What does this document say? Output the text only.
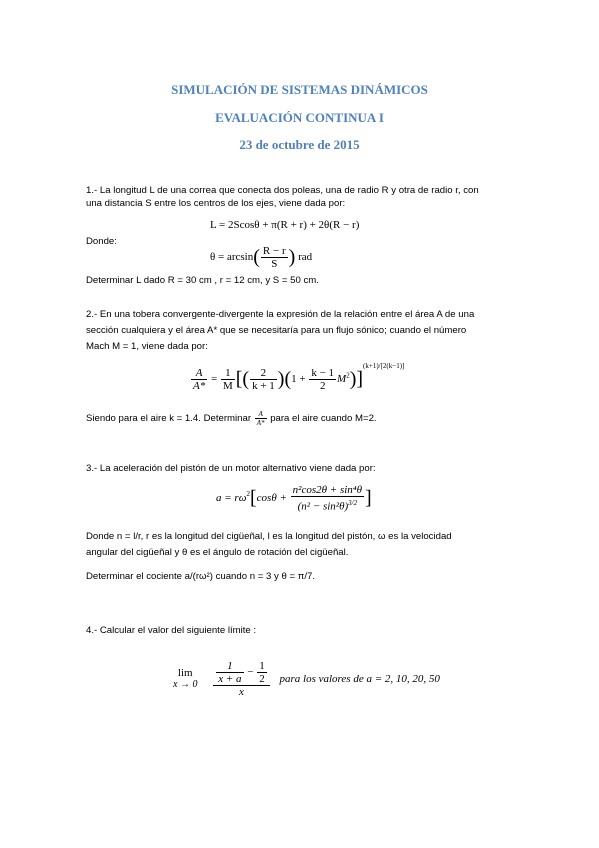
SIMULACIÓN DE SISTEMAS DINÁMICOS
EVALUACIÓN CONTINUA I
23 de octubre de 2015
1.- La longitud L de una correa que conecta dos poleas, una de radio R y otra de radio r, con
una distancia S entre los centros de los ejes, viene dada por:
L = 2Scosθ + π(R + r) + 2θ(R − r)
Donde:
$\theta = \arcsin( \frac{R - r}{S}$ ) rad
Determinar L dado R = 30 cm , r = 12 cm, y S = 50 cm.
2.- En una tobera convergente-divergente la expresión de la relación entre el área A de una
sección cualquiera y el área A* que se necesitaría para un flujo sónico; cuando el número
Mach M = 1, viene dada por:
$\frac{A}{A*} = \frac{1}{M}$ [( $\frac{2}{k + 1} )(1 + \frac{k - 1}{2} M^2)]^{(k+1)/[2(k-1)]}$
Siendo para el aire k = 1.4. Determinar $\frac{A}{A*}$ para el aire cuando M=2.
3.- La aceleración del pistón de un motor alternativo viene dada por:
$a = r\omega^2[\cos\theta + \frac{\text{n²cos2θ + sin⁴θ}}{(n^2 - \sin^2\theta)^{3/2}}$ ]
Donde n = l/r, r es la longitud del cigüeñal, l es la longitud del pistón, ω es la velocidad
angular del cigüeñal y θ es el ángulo de rotación del cigüeñal.
Determinar el cociente a/(rω²) cuando n = 3 y θ = π/7.
4.- Calcular el valor del siguiente límite :
lim
x → 0
$\frac{\frac{1}{x + a} - \frac{1}{2}}{x}$ para los valores de a = 2, 10, 20, 50
